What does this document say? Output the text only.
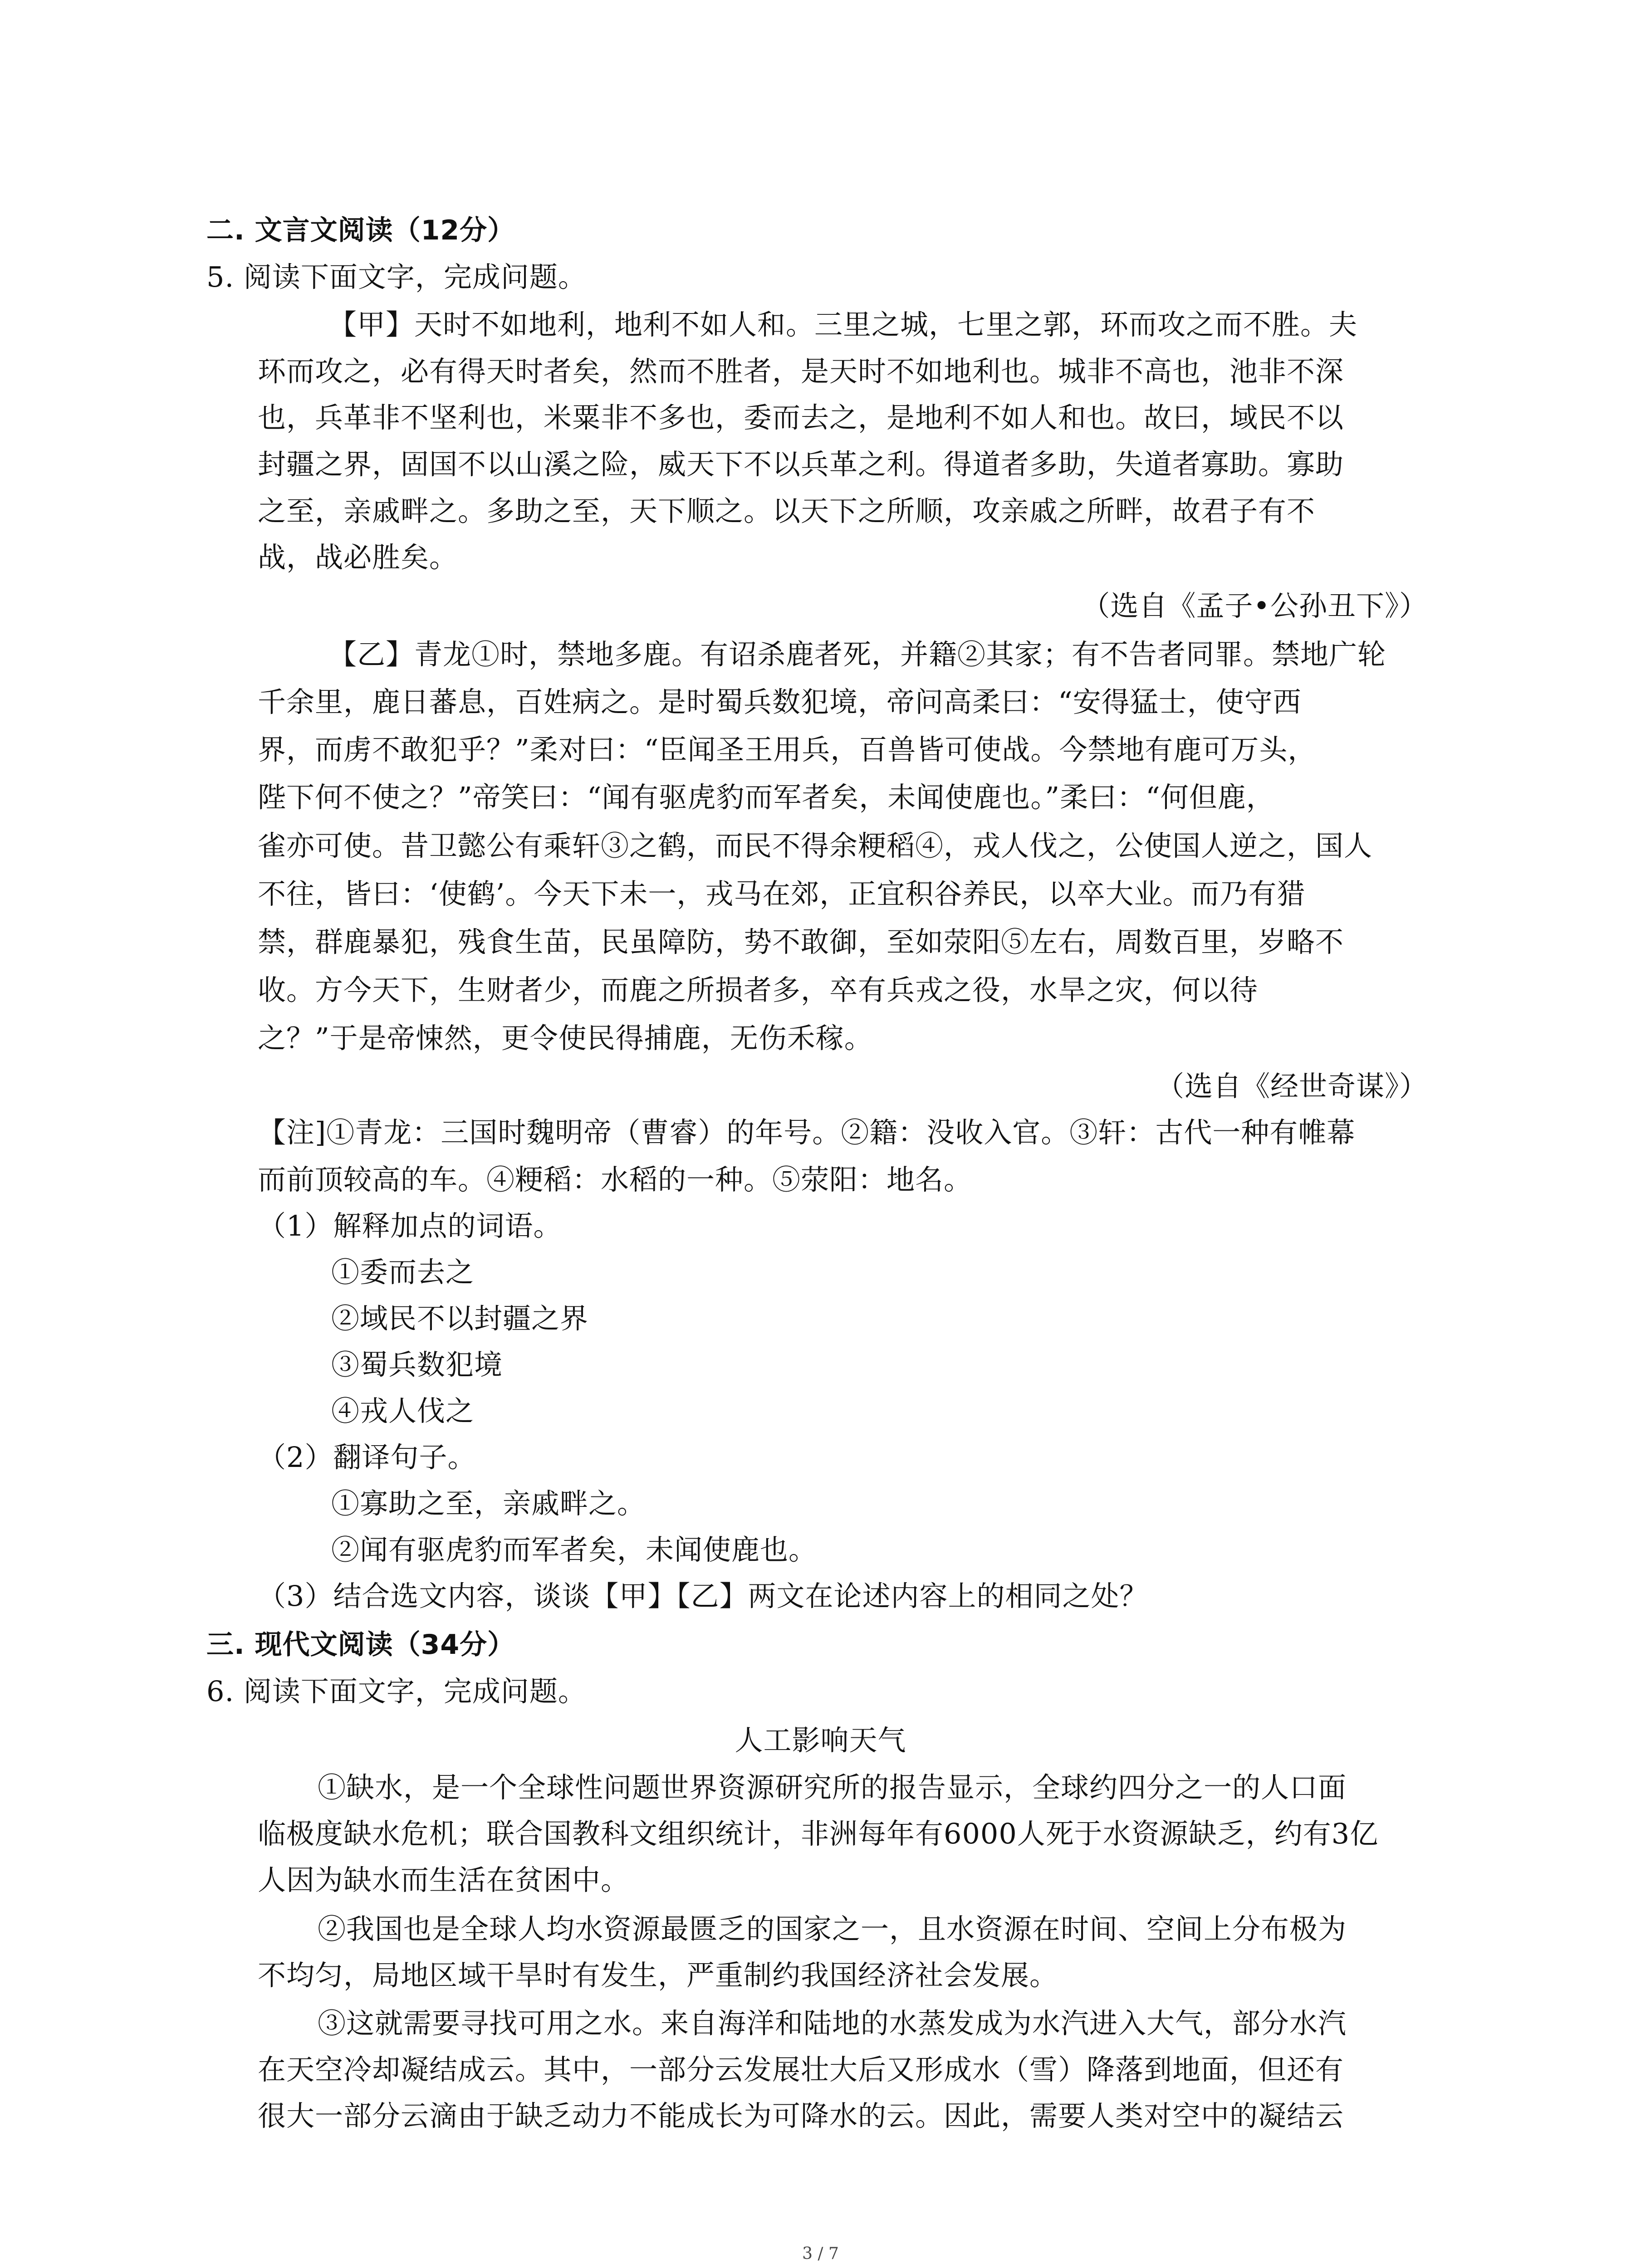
二. 文言文阅读（12分）
5. 阅读下面文字，完成问题。
【甲】天时不如地利，地利不如人和。三里之城，七里之郭，环而攻之而不胜。夫
环而攻之，必有得天时者矣，然而不胜者，是天时不如地利也。城非不高也，池非不深
也，兵革非不坚利也，米粟非不多也，委而去之，是地利不如人和也。故曰，域民不以
封疆之界，固国不以山溪之险，威天下不以兵革之利。得道者多助，失道者寡助。寡助
之至，亲戚畔之。多助之至，天下顺之。以天下之所顺，攻亲戚之所畔，故君子有不
战，战必胜矣。
（选自《孟子•公孙丑下》）
【乙】青龙①时，禁地多鹿。有诏杀鹿者死，并籍②其家；有不告者同罪。禁地广轮
千余里，鹿日蕃息，百姓病之。是时蜀兵数犯境，帝问高柔曰：“安得猛士，使守西
界，而虏不敢犯乎？”柔对曰：“臣闻圣王用兵，百兽皆可使战。今禁地有鹿可万头，
陛下何不使之？”帝笑曰：“闻有驱虎豹而军者矣，未闻使鹿也。”柔曰：“何但鹿，
雀亦可使。昔卫懿公有乘轩③之鹤，而民不得余粳稻④，戎人伐之，公使国人逆之，国人
不往，皆曰：‘使鹤’。今天下未一，戎马在郊，正宜积谷养民，以卒大业。而乃有猎
禁，群鹿暴犯，残食生苗，民虽障防，势不敢御，至如荥阳⑤左右，周数百里，岁略不
收。方今天下，生财者少，而鹿之所损者多，卒有兵戎之役，水旱之灾，何以待
之？”于是帝悚然，更令使民得捕鹿，无伤禾稼。
（选自《经世奇谋》）
【注]①青龙：三国时魏明帝（曹睿）的年号。②籍：没收入官。③轩：古代一种有帷幕
而前顶较高的车。④粳稻：水稻的一种。⑤荥阳：地名。
（1）解释加点的词语。
①委而去之
②域民不以封疆之界
③蜀兵数犯境
④戎人伐之
（2）翻译句子。
①寡助之至，亲戚畔之。
②闻有驱虎豹而军者矣，未闻使鹿也。
（3）结合选文内容，谈谈【甲】【乙】两文在论述内容上的相同之处？
三. 现代文阅读（34分）
6. 阅读下面文字，完成问题。
人工影响天气
①缺水，是一个全球性问题世界资源研究所的报告显示，全球约四分之一的人口面
临极度缺水危机；联合国教科文组织统计，非洲每年有6000人死于水资源缺乏，约有3亿
人因为缺水而生活在贫困中。
②我国也是全球人均水资源最匮乏的国家之一，且水资源在时间、空间上分布极为
不均匀，局地区域干旱时有发生，严重制约我国经济社会发展。
③这就需要寻找可用之水。来自海洋和陆地的水蒸发成为水汽进入大气，部分水汽
在天空冷却凝结成云。其中，一部分云发展壮大后又形成水（雪）降落到地面，但还有
很大一部分云滴由于缺乏动力不能成长为可降水的云。因此，需要人类对空中的凝结云
3 / 7
